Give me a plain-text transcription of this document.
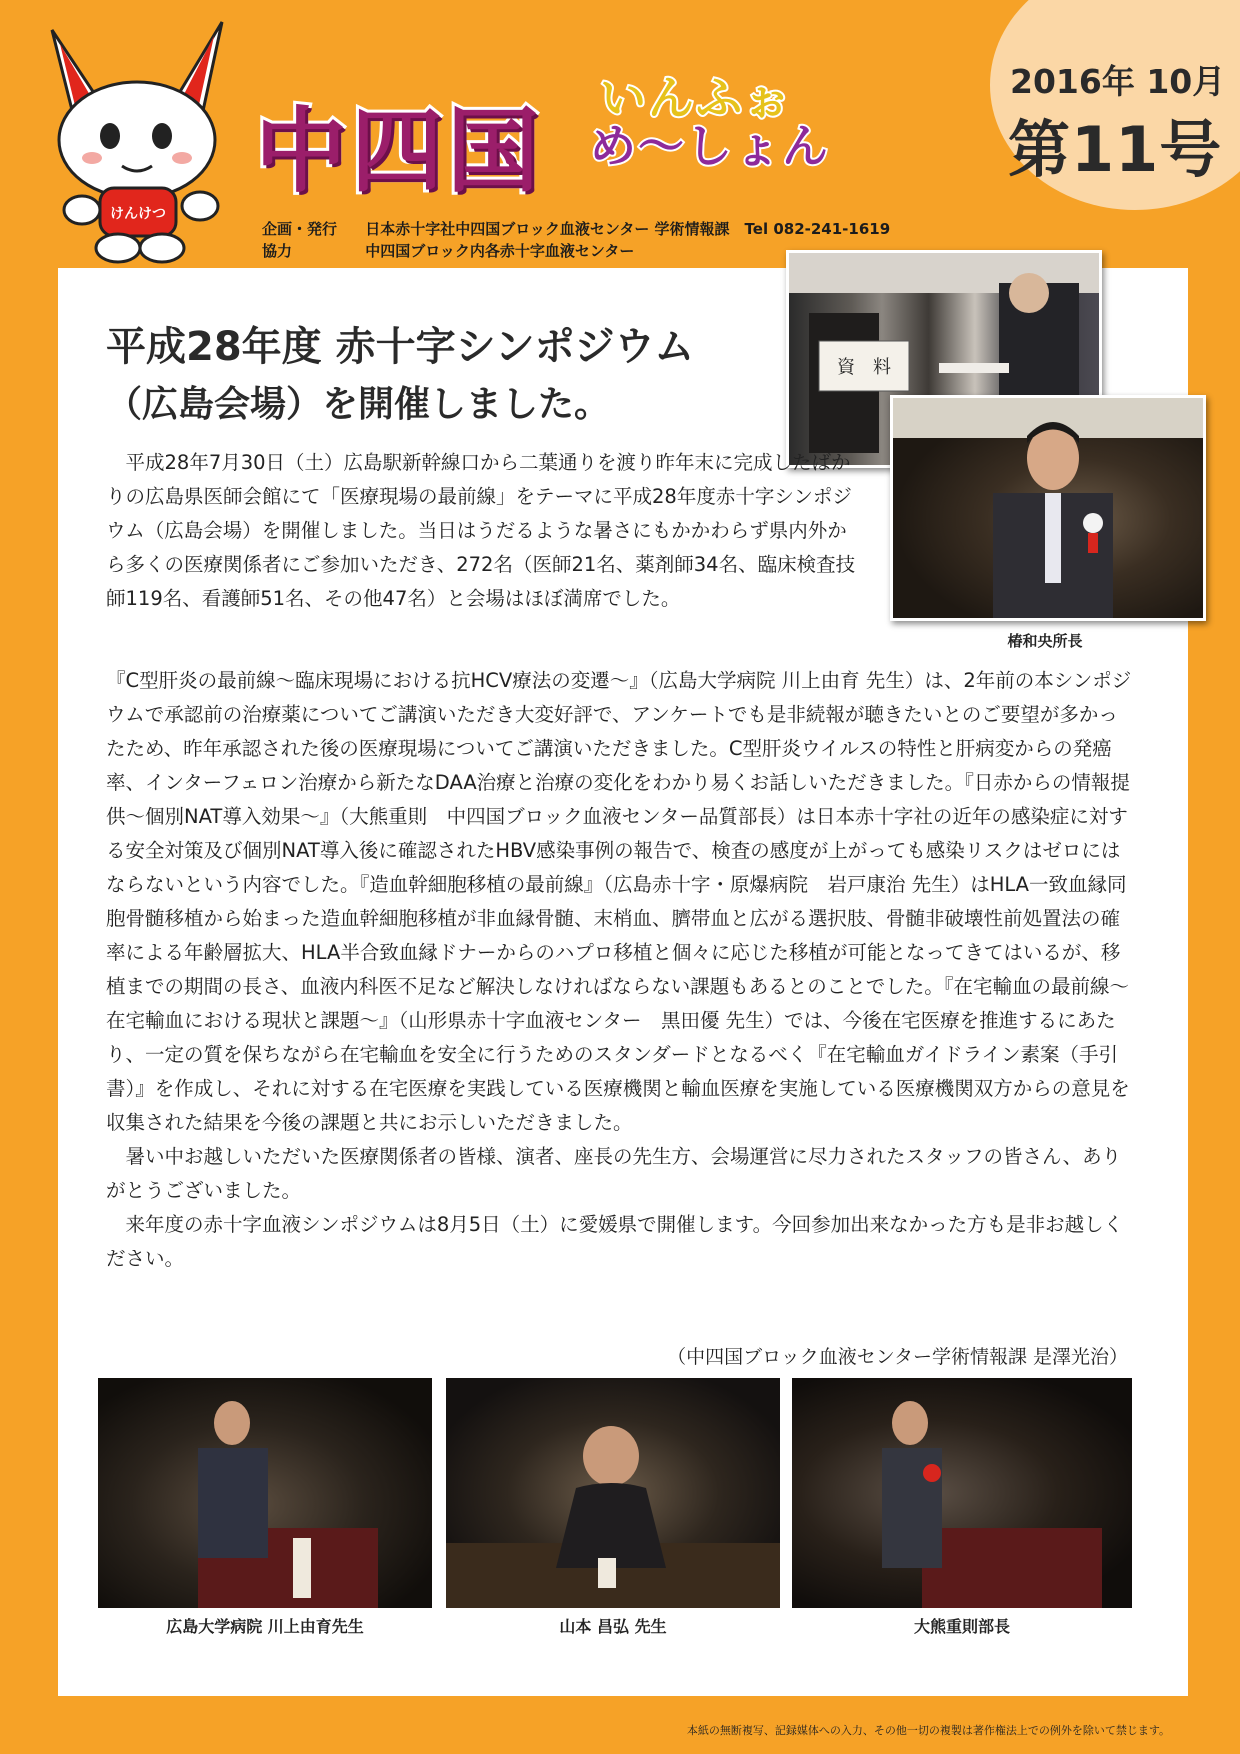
2016年 10月
第11号
けんけつ
中四国 いんふぉ
め〜しょん
企画・発行 日本赤十字社中四国ブロック血液センター 学術情報課　Tel 082-241-1619
協力	中四国ブロック内各赤十字血液センター
資　料
椿和央所長
平成28年度 赤十字シンポジウム
（広島会場）を開催しました。

平成28年7月30日（土）広島駅新幹線口から二葉通りを渡り昨年末に完成したばかりの広島県医師会館にて「医療現場の最前線」をテーマに平成28年度赤十字シンポジウム（広島会場）を開催しました。当日はうだるような暑さにもかかわらず県内外から多くの医療関係者にご参加いただき、272名（医師21名、薬剤師34名、臨床検査技師119名、看護師51名、その他47名）と会場はほぼ満席でした。

『C型肝炎の最前線〜臨床現場における抗HCV療法の変遷〜』（広島大学病院 川上由育 先生）は、2年前の本シンポジウムで承認前の治療薬についてご講演いただき大変好評で、アンケートでも是非続報が聴きたいとのご要望が多かったため、昨年承認された後の医療現場についてご講演いただきました。C型肝炎ウイルスの特性と肝病変からの発癌率、インターフェロン治療から新たなDAA治療と治療の変化をわかり易くお話しいただきました。『日赤からの情報提供〜個別NAT導入効果〜』（大熊重則　中四国ブロック血液センター品質部長）は日本赤十字社の近年の感染症に対する安全対策及び個別NAT導入後に確認されたHBV感染事例の報告で、検査の感度が上がっても感染リスクはゼロにはならないという内容でした。『造血幹細胞移植の最前線』（広島赤十字・原爆病院　岩戸康治 先生）はHLA一致血縁同胞骨髄移植から始まった造血幹細胞移植が非血縁骨髄、末梢血、臍帯血と広がる選択肢、骨髄非破壊性前処置法の確率による年齢層拡大、HLA半合致血縁ドナーからのハプロ移植と個々に応じた移植が可能となってきてはいるが、移植までの期間の長さ、血液内科医不足など解決しなければならない課題もあるとのことでした。『在宅輸血の最前線〜在宅輸血における現状と課題〜』（山形県赤十字血液センター　黒田優 先生）では、今後在宅医療を推進するにあたり、一定の質を保ちながら在宅輸血を安全に行うためのスタンダードとなるべく『在宅輸血ガイドライン素案（手引書）』を作成し、それに対する在宅医療を実践している医療機関と輸血医療を実施している医療機関双方からの意見を収集された結果を今後の課題と共にお示しいただきました。

暑い中お越しいただいた医療関係者の皆様、演者、座長の先生方、会場運営に尽力されたスタッフの皆さん、ありがとうございました。

来年度の赤十字血液シンポジウムは8月5日（土）に愛媛県で開催します。今回参加出来なかった方も是非お越しください。

（中四国ブロック血液センター学術情報課 是澤光治）
広島大学病院 川上由育先生	山本 昌弘 先生	大熊重則部長
本紙の無断複写、記録媒体への入力、その他一切の複製は著作権法上での例外を除いて禁じます。
